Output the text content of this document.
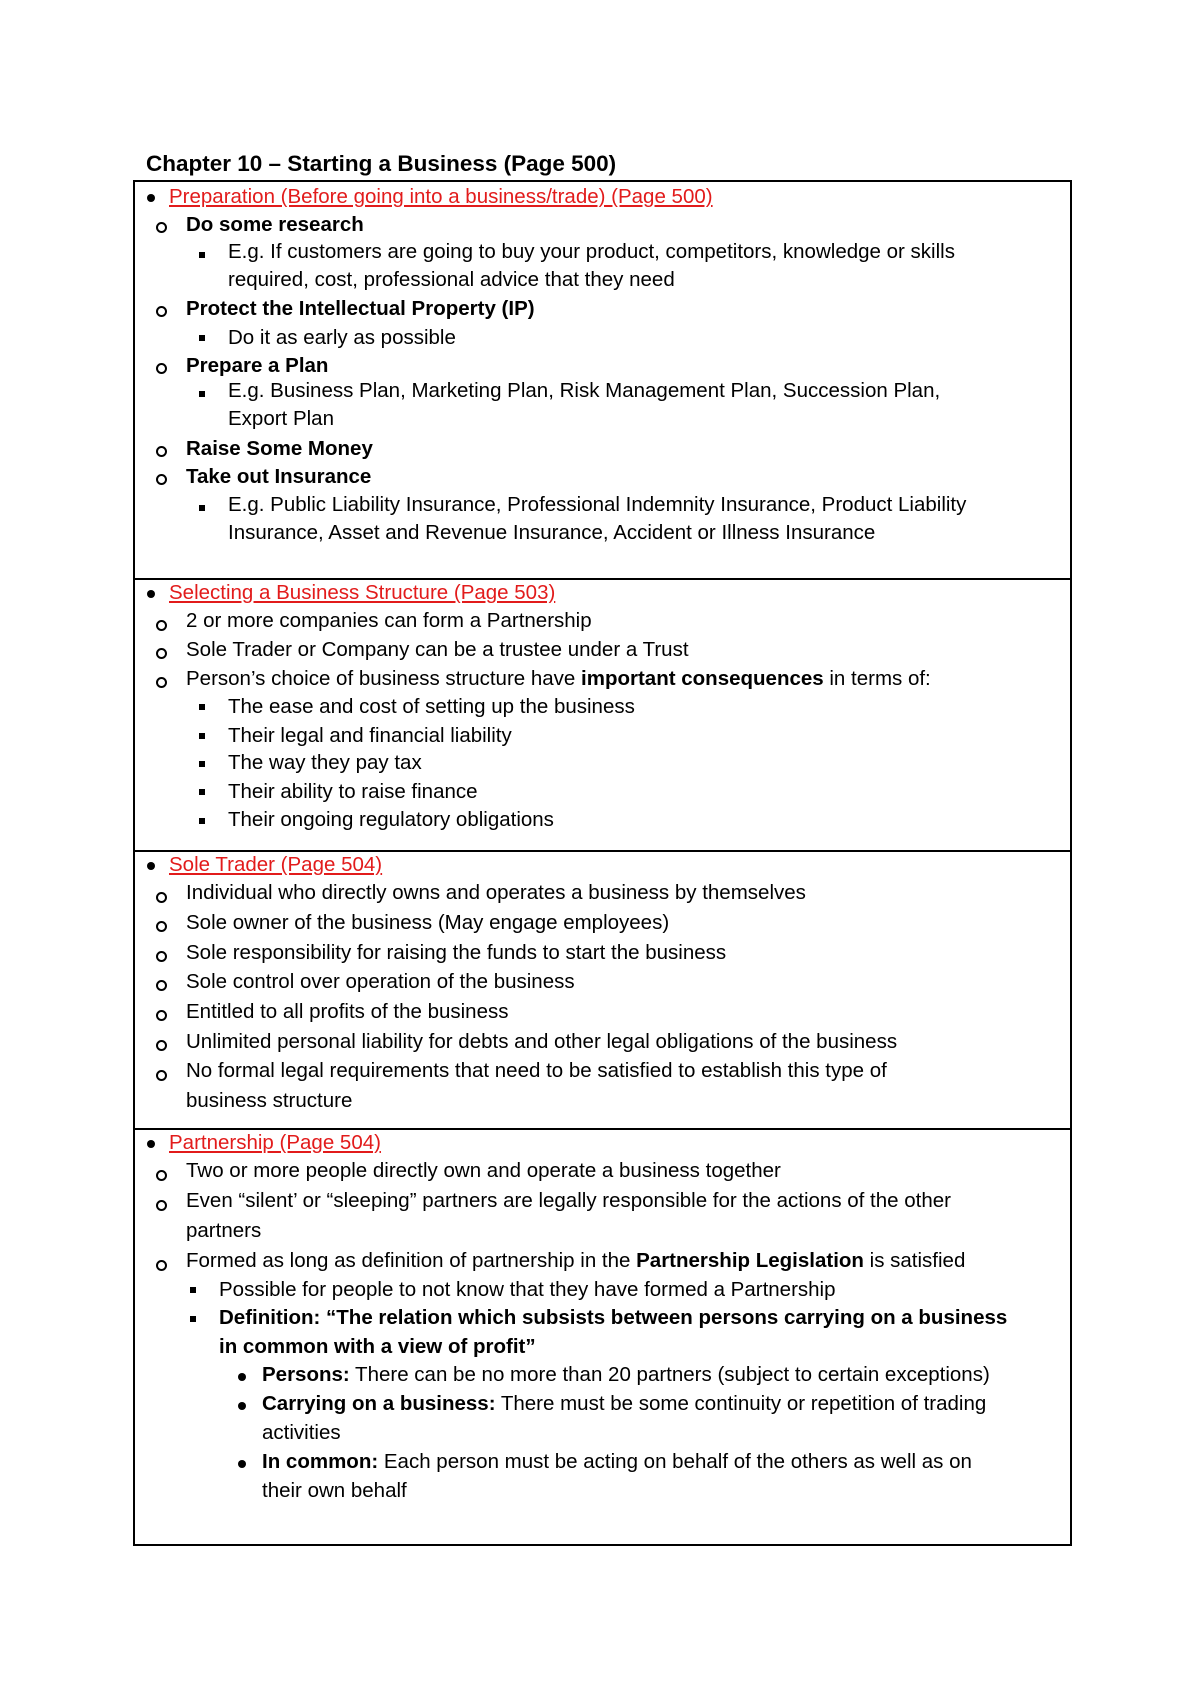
Chapter 10 – Starting a Business (Page 500)
Preparation (Before going into a business/trade) (Page 500)
Do some research
E.g. If customers are going to buy your product, competitors, knowledge or skills
required, cost, professional advice that they need
Protect the Intellectual Property (IP)
Do it as early as possible
Prepare a Plan
E.g. Business Plan, Marketing Plan, Risk Management Plan, Succession Plan,
Export Plan
Raise Some Money
Take out Insurance
E.g. Public Liability Insurance, Professional Indemnity Insurance, Product Liability
Insurance, Asset and Revenue Insurance, Accident or Illness Insurance
Selecting a Business Structure (Page 503)
2 or more companies can form a Partnership
Sole Trader or Company can be a trustee under a Trust
Person’s choice of business structure have important consequences in terms of:
The ease and cost of setting up the business
Their legal and financial liability
The way they pay tax
Their ability to raise finance
Their ongoing regulatory obligations
Sole Trader (Page 504)
Individual who directly owns and operates a business by themselves
Sole owner of the business (May engage employees)
Sole responsibility for raising the funds to start the business
Sole control over operation of the business
Entitled to all profits of the business
Unlimited personal liability for debts and other legal obligations of the business
No formal legal requirements that need to be satisfied to establish this type of
business structure
Partnership (Page 504)
Two or more people directly own and operate a business together
Even “silent’ or “sleeping” partners are legally responsible for the actions of the other
partners
Formed as long as definition of partnership in the Partnership Legislation is satisfied
Possible for people to not know that they have formed a Partnership
Definition: “The relation which subsists between persons carrying on a business
in common with a view of profit”
Persons: There can be no more than 20 partners (subject to certain exceptions)
Carrying on a business: There must be some continuity or repetition of trading
activities
In common: Each person must be acting on behalf of the others as well as on
their own behalf
